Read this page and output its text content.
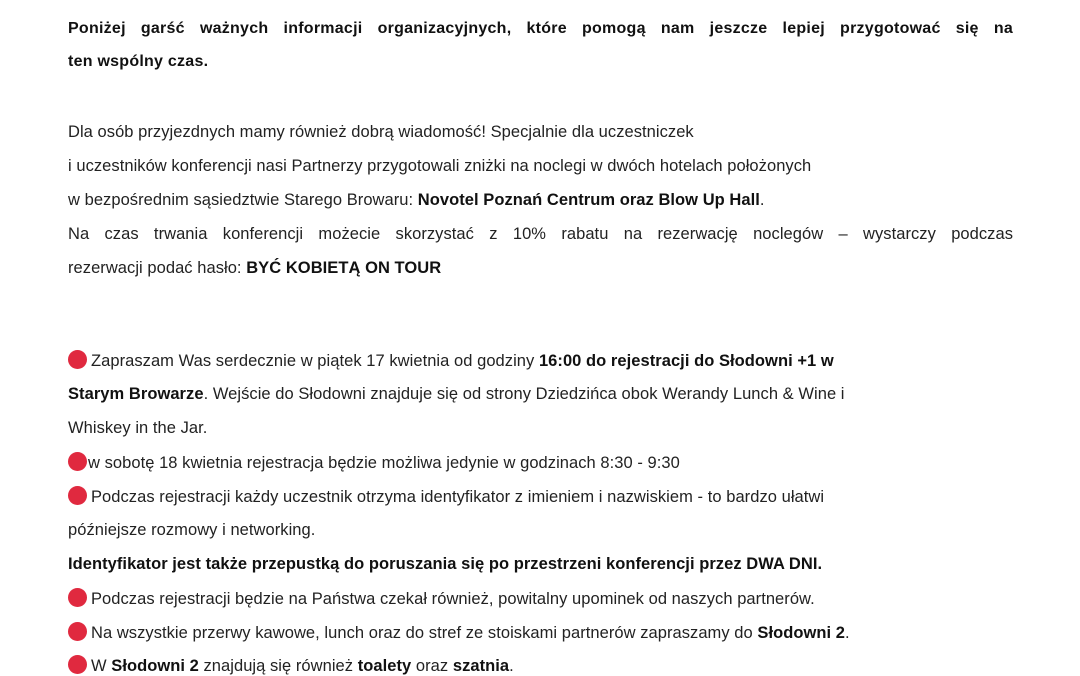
Poniżej garść ważnych informacji organizacyjnych, które pomogą nam jeszcze lepiej przygotować się na
ten wspólny czas.
Dla osób przyjezdnych mamy również dobrą wiadomość! Specjalnie dla uczestniczek
i uczestników konferencji nasi Partnerzy przygotowali zniżki na noclegi w dwóch hotelach położonych
w bezpośrednim sąsiedztwie Starego Browaru: Novotel Poznań Centrum oraz Blow Up Hall.
Na czas trwania konferencji możecie skorzystać z 10% rabatu na rezerwację noclegów – wystarczy podczas
rezerwacji podać hasło: BYĆ KOBIETĄ ON TOUR
Zapraszam Was serdecznie w piątek 17 kwietnia od godziny 16:00 do rejestracji do Słodowni +1 w
Starym Browarze. Wejście do Słodowni znajduje się od strony Dziedzińca obok Werandy Lunch & Wine i
Whiskey in the Jar.
w sobotę 18 kwietnia rejestracja będzie możliwa jedynie w godzinach 8:30 - 9:30
Podczas rejestracji każdy uczestnik otrzyma identyfikator z imieniem i nazwiskiem - to bardzo ułatwi
późniejsze rozmowy i networking.
Identyfikator jest także przepustką do poruszania się po przestrzeni konferencji przez DWA DNI.
Podczas rejestracji będzie na Państwa czekał również, powitalny upominek od naszych partnerów.
Na wszystkie przerwy kawowe, lunch oraz do stref ze stoiskami partnerów zapraszamy do Słodowni 2.
W Słodowni 2 znajdują się również toalety oraz szatnia.
